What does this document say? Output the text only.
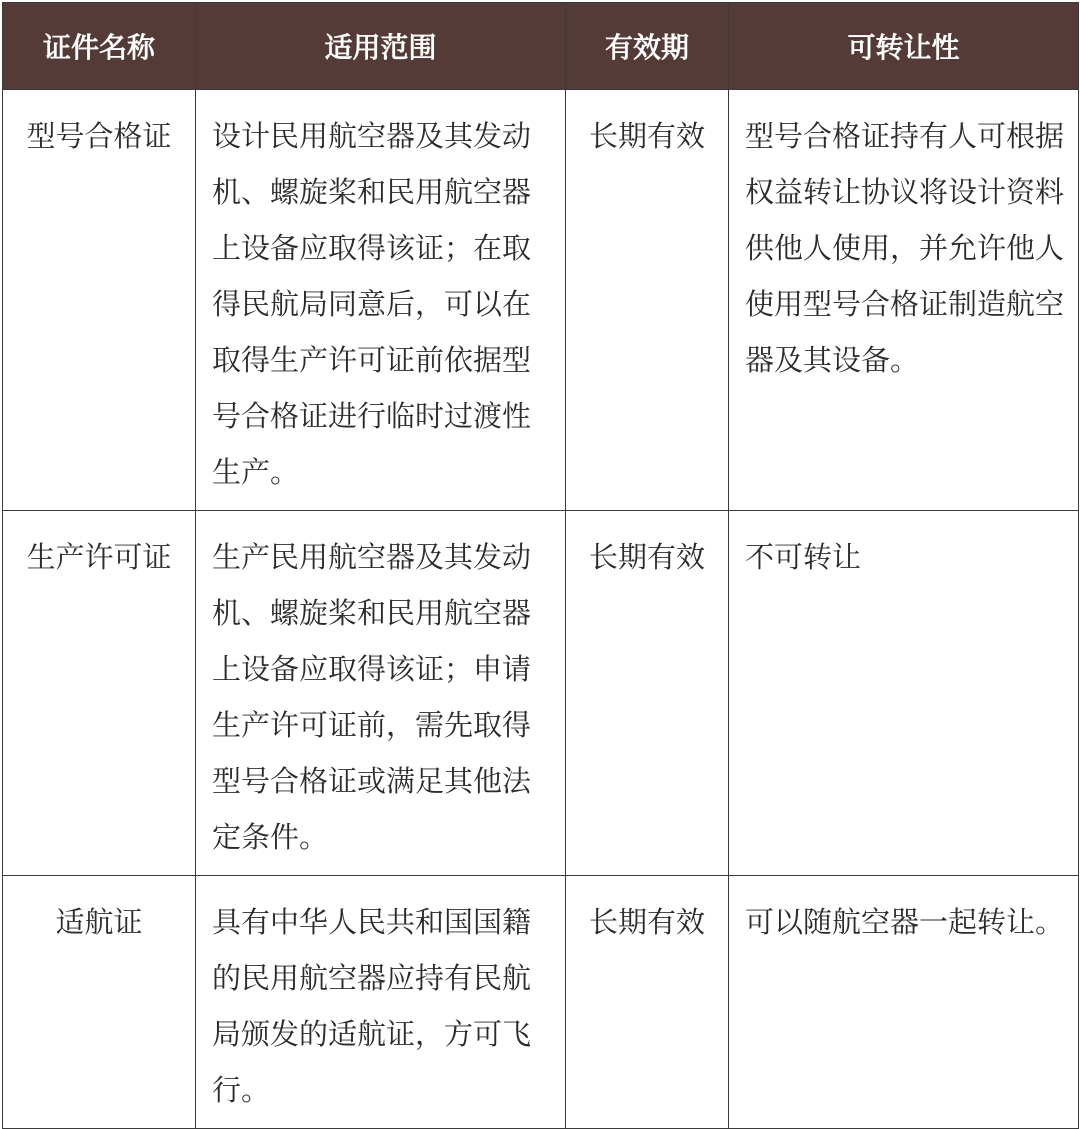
证件名称	适用范围	有效期	可转让性
型号合格证	设计民用航空器及其发动机、螺旋桨和民用航空器上设备应取得该证；在取得民航局同意后，可以在取得生产许可证前依据型号合格证进行临时过渡性生产。	长期有效	型号合格证持有人可根据权益转让协议将设计资料供他人使用，并允许他人使用型号合格证制造航空器及其设备。
生产许可证	生产民用航空器及其发动机、螺旋桨和民用航空器上设备应取得该证；申请生产许可证前，需先取得型号合格证或满足其他法定条件。	长期有效	不可转让
适航证	具有中华人民共和国国籍的民用航空器应持有民航局颁发的适航证，方可飞行。	长期有效	可以随航空器一起转让。
